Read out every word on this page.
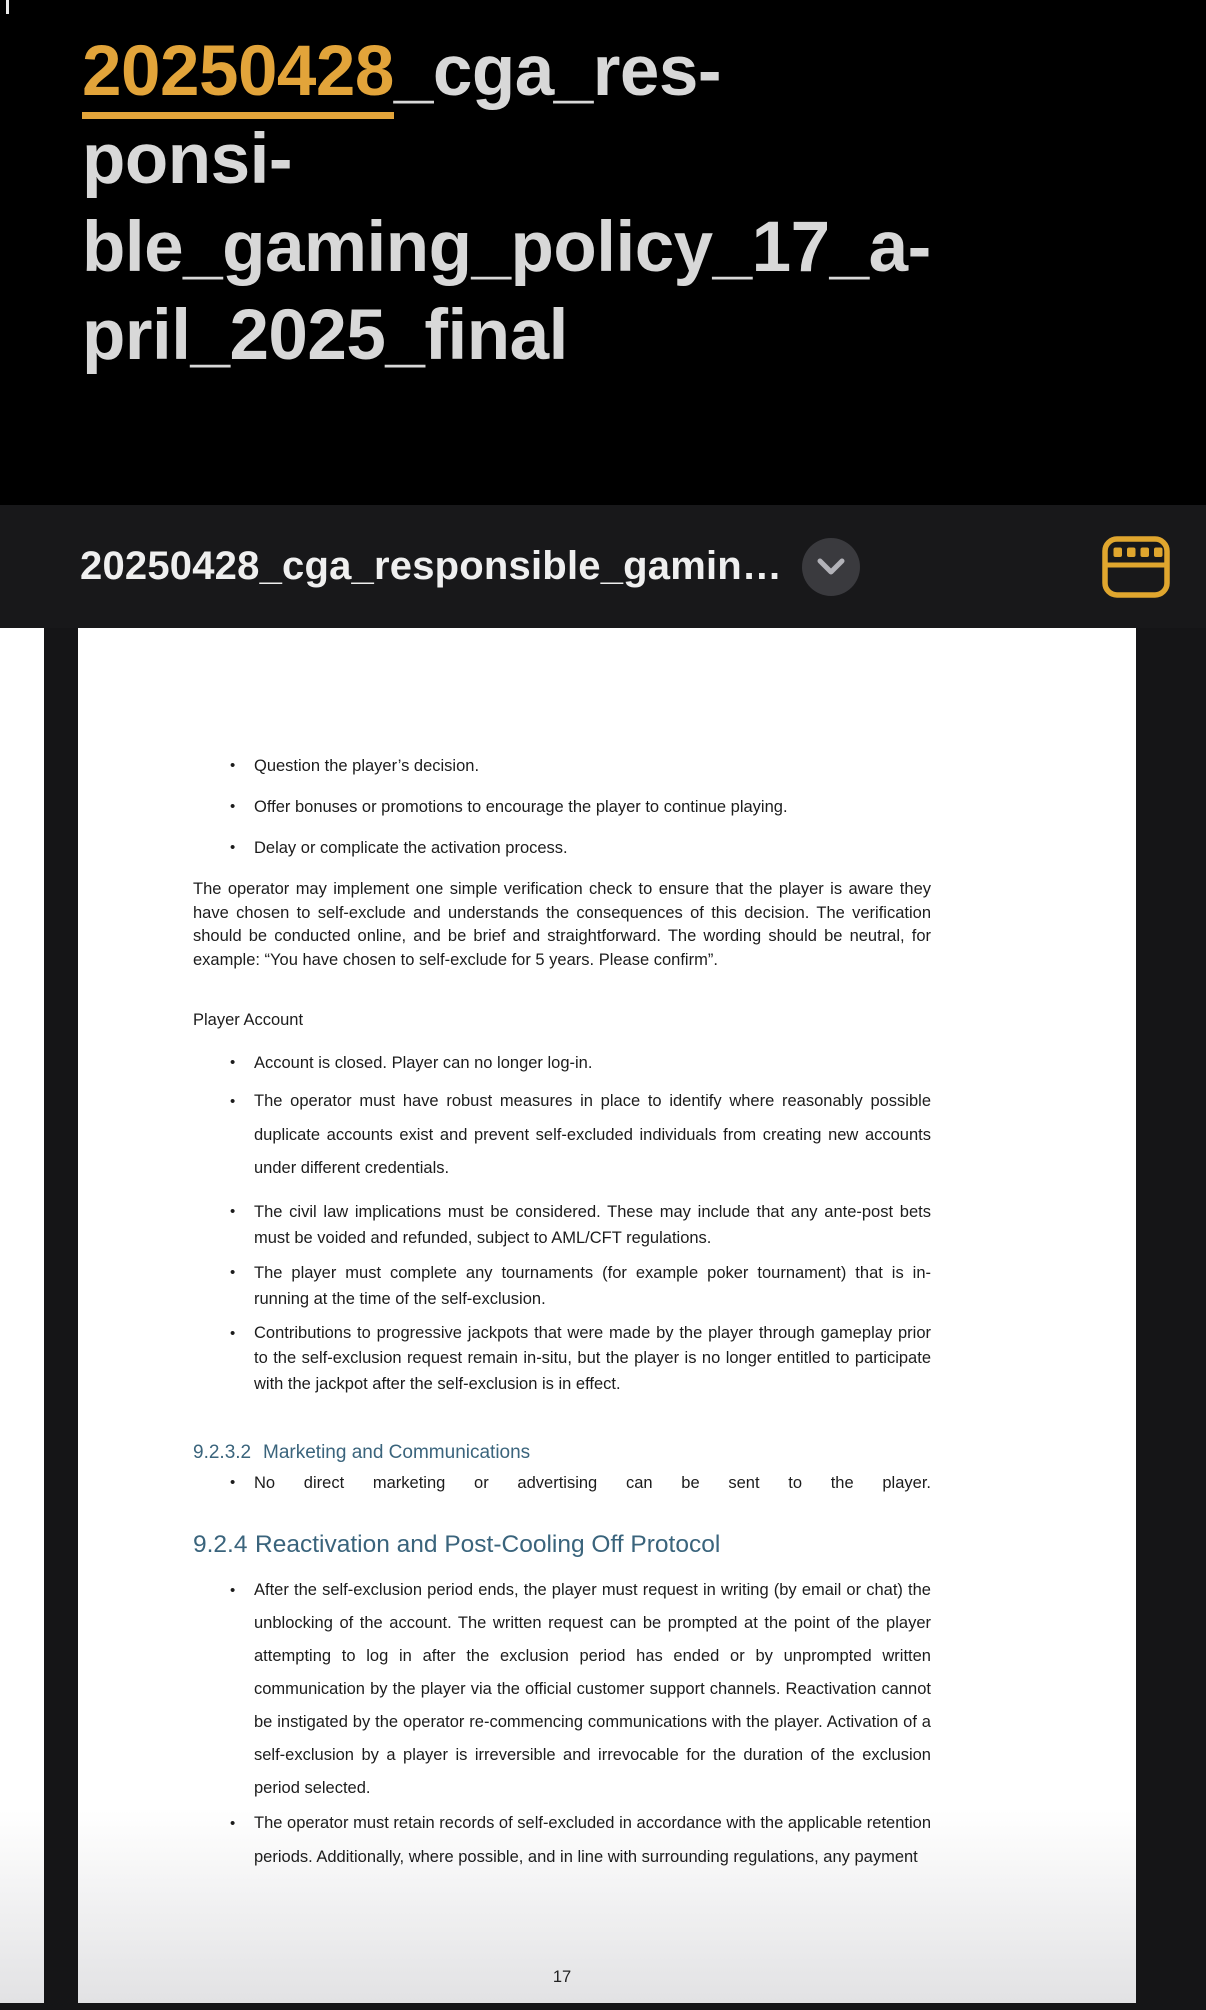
20250428_cga_res-
ponsi-
ble_gaming_policy_17_a-
pril_2025_final
20250428_cga_responsible_gamin…
• Question the player’s decision.
• Offer bonuses or promotions to encourage the player to continue playing.
• Delay or complicate the activation process.

The operator may implement one simple verification check to ensure that the player is aware they have chosen to self-exclude and understands the consequences of this decision. The verification should be conducted online, and be brief and straightforward. The wording should be neutral, for example: “You have chosen to self-exclude for 5 years. Please confirm”.

Player Account

• Account is closed. Player can no longer log-in.
• The operator must have robust measures in place to identify where reasonably possible duplicate accounts exist and prevent self-excluded individuals from creating new accounts under different credentials.
• The civil law implications must be considered. These may include that any ante-post bets must be voided and refunded, subject to AML/CFT regulations.
• The player must complete any tournaments (for example poker tournament) that is in-running at the time of the self-exclusion.
• Contributions to progressive jackpots that were made by the player through gameplay prior to the self-exclusion request remain in-situ, but the player is no longer entitled to participate with the jackpot after the self-exclusion is in effect.
9.2.3.2 Marketing and Communications
• No direct marketing or advertising can be sent to the player.
9.2.4 Reactivation and Post-Cooling Off Protocol
• After the self-exclusion period ends, the player must request in writing (by email or chat) the unblocking of the account. The written request can be prompted at the point of the player attempting to log in after the exclusion period has ended or by unprompted written communication by the player via the official customer support channels. Reactivation cannot be instigated by the operator re-commencing communications with the player. Activation of a self-exclusion by a player is irreversible and irrevocable for the duration of the exclusion period selected.
• The operator must retain records of self-excluded in accordance with the applicable retention periods. Additionally, where possible, and in line with surrounding regulations, any payment
17
